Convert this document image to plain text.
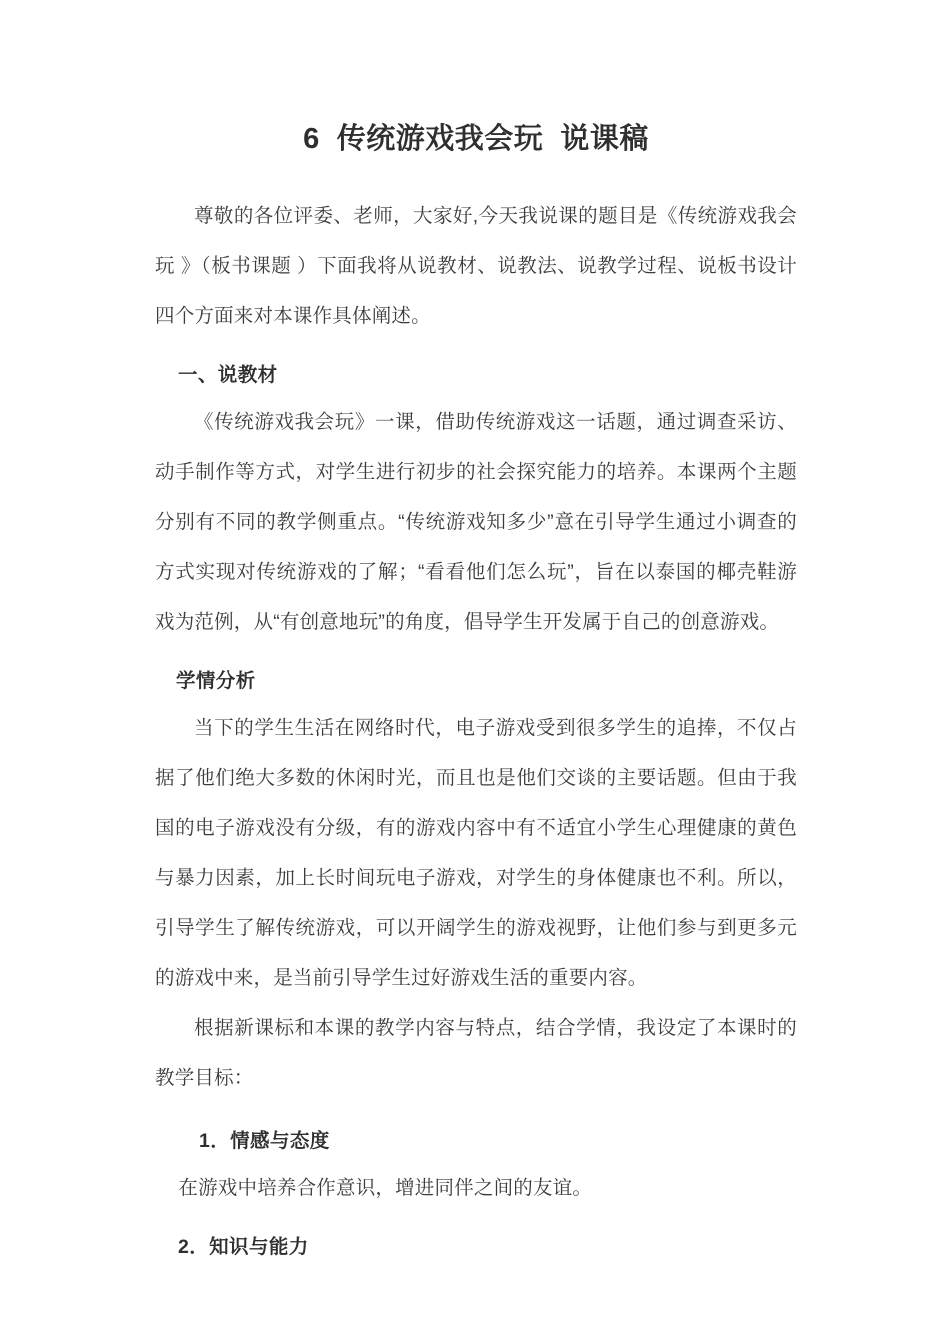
6  传统游戏我会玩  说课稿

尊敬的各位评委、老师，大家好,今天我说课的题目是《传统游戏我会玩 》（板书课题 ）下面我将从说教材、说教法、说教学过程、说板书设计四个方面来对本课作具体阐述。

一、说教材

《传统游戏我会玩》一课，借助传统游戏这一话题，通过调查采访、动手制作等方式，对学生进行初步的社会探究能力的培养。本课两个主题分别有不同的教学侧重点。“传统游戏知多少”意在引导学生通过小调查的方式实现对传统游戏的了解；“看看他们怎么玩”，旨在以泰国的椰壳鞋游戏为范例，从“有创意地玩”的角度，倡导学生开发属于自己的创意游戏。

学情分析

当下的学生生活在网络时代，电子游戏受到很多学生的追捧，不仅占据了他们绝大多数的休闲时光，而且也是他们交谈的主要话题。但由于我国的电子游戏没有分级，有的游戏内容中有不适宜小学生心理健康的黄色与暴力因素，加上长时间玩电子游戏，对学生的身体健康也不利。所以，引导学生了解传统游戏，可以开阔学生的游戏视野，让他们参与到更多元的游戏中来，是当前引导学生过好游戏生活的重要内容。

根据新课标和本课的教学内容与特点，结合学情，我设定了本课时的教学目标：

1．情感与态度

在游戏中培养合作意识，增进同伴之间的友谊。

2．知识与能力
